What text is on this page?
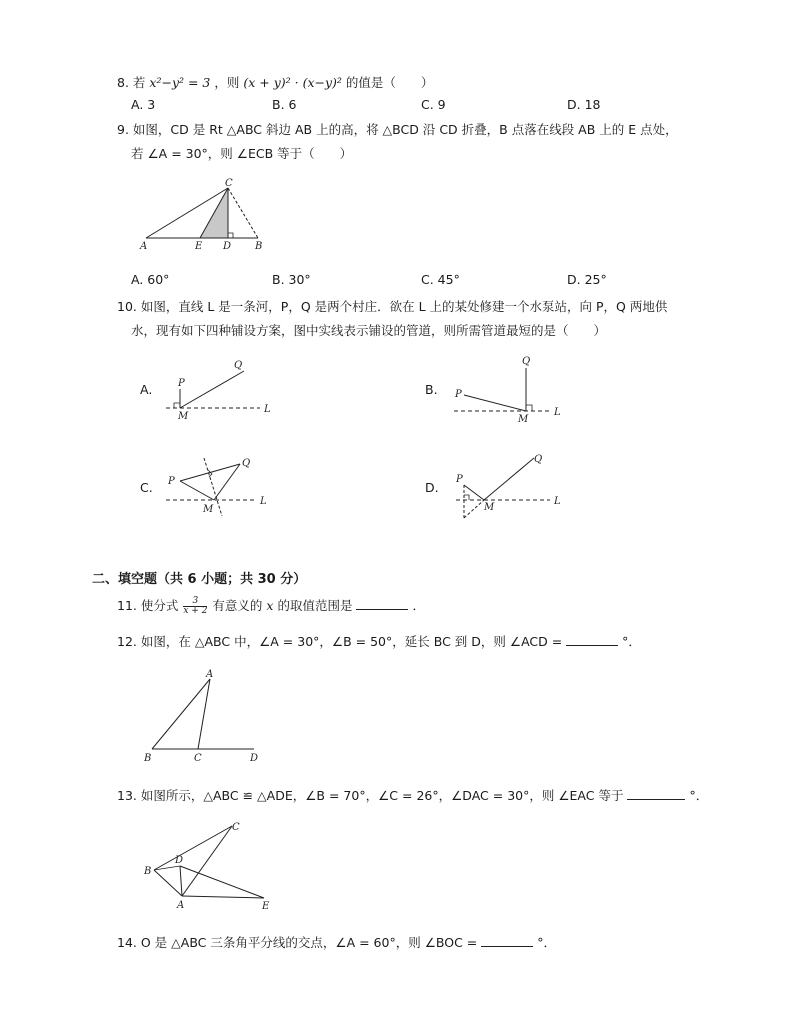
8. 若 x²−y² = 3 ，则 (x + y)² · (x−y)² 的值是（　　）
A. 3	B. 6	C. 9	D. 18
9. 如图，CD 是 Rt △ABC 斜边 AB 上的高，将 △BCD 沿 CD 折叠，B 点落在线段 AB 上的 E 点处，
若 ∠A = 30°，则 ∠ECB 等于（　　）
A	E D B
C
A. 60°	B. 30°	C. 45°	D. 25°
10. 如图，直线 L 是一条河，P，Q 是两个村庄．欲在 L 上的某处修建一个水泵站，向 P，Q 两地供
水，现有如下四种铺设方案，图中实线表示铺设的管道，则所需管道最短的是（　　）
A.	P
Q
M
L
B. P
Q
M
L
C. P
Q
M
L
D.
P
Q
M
L
二、填空题（共 6 小题；共 30 分）
11. 使分式 $\frac{3}{x + 2}$ 有意义的 x 的取值范围是	．
12. 如图，在 △ABC 中，∠A = 30°，∠B = 50°，延长 BC 到 D，则 ∠ACD =	°．
A
B	C	D
13. 如图所示，△ABC ≌ △ADE，∠B = 70°，∠C = 26°，∠DAC = 30°，则 ∠EAC 等于	°．
C
B
D
A	E
14. O 是 △ABC 三条角平分线的交点，∠A = 60°，则 ∠BOC =	°．
